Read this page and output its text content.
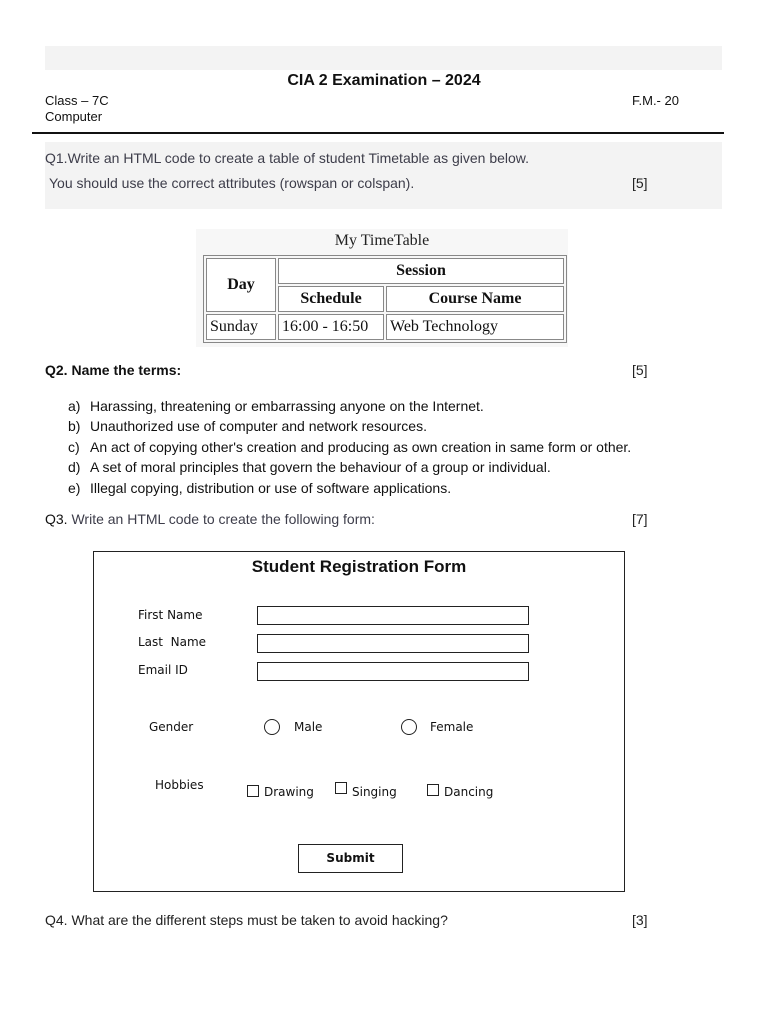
CIA 2 Examination – 2024
Class – 7C
Computer
F.M.- 20
Q1.Write an HTML code to create a table of student Timetable as given below.
You should use the correct attributes (rowspan or colspan).	[5]
My TimeTable
Day	Session	
	Schedule	Course Name
Sunday	16:00 - 16:50	Web Technology
Q2. Name the terms:	[5]
a) Harassing, threatening or embarrassing anyone on the Internet.
b) Unauthorized use of computer and network resources.
c) An act of copying other's creation and producing as own creation in same form or other.
d) A set of moral principles that govern the behaviour of a group or individual.
e) Illegal copying, distribution or use of software applications.
Q3. Write an HTML code to create the following form:	[7]
Student Registration Form
First Name
Last  Name
Email ID
Gender	Male	Female
Hobbies	Drawing	Singing	Dancing
Submit
Q4. What are the different steps must be taken to avoid hacking?	[3]
